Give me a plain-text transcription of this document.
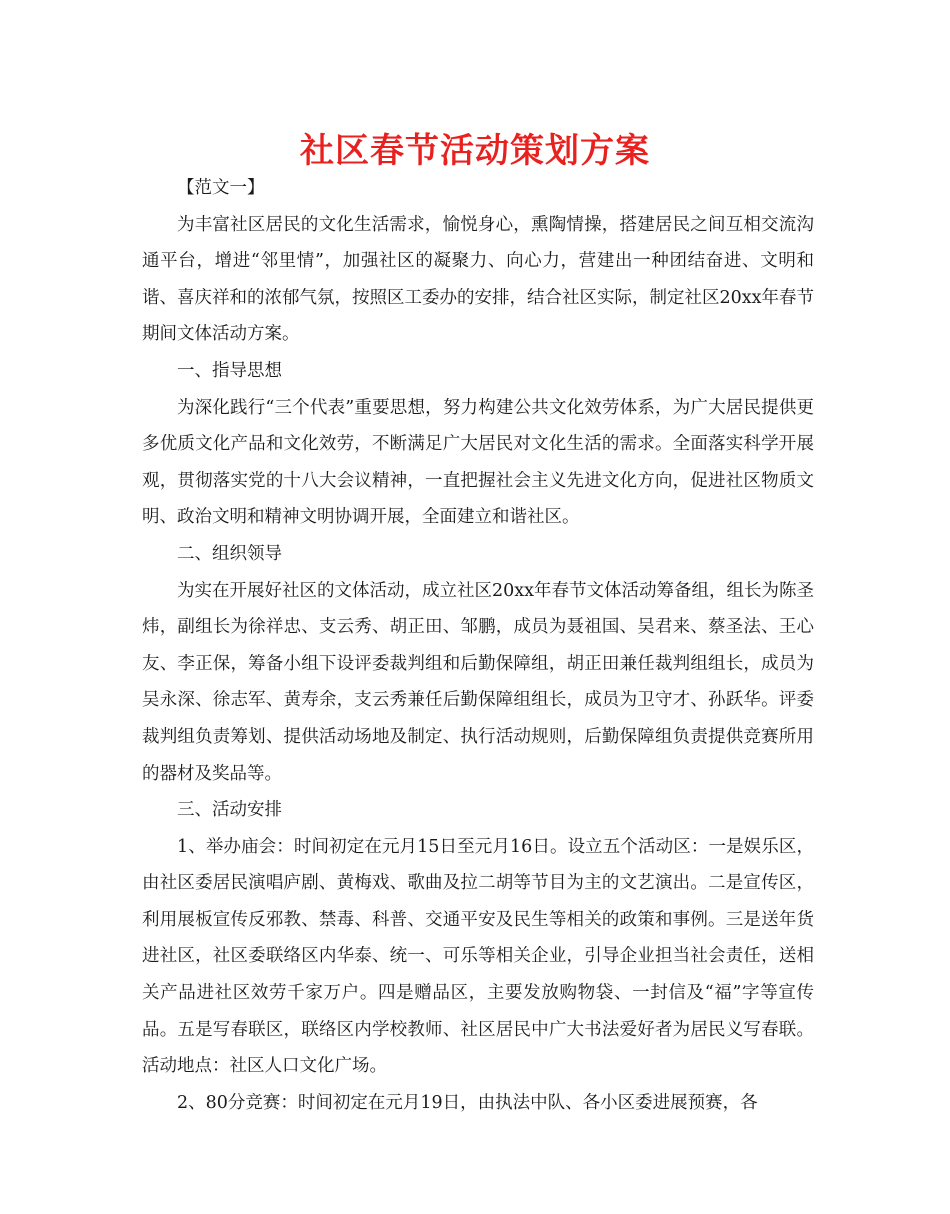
社区春节活动策划方案

【范文一】

为丰富社区居民的文化生活需求，愉悦身心，熏陶情操，搭建居民之间互相交流沟通平台，增进“邻里情”，加强社区的凝聚力、向心力，营建出一种团结奋进、文明和谐、喜庆祥和的浓郁气氛，按照区工委办的安排，结合社区实际，制定社区20xx年春节期间文体活动方案。

一、指导思想

为深化践行“三个代表”重要思想，努力构建公共文化效劳体系，为广大居民提供更多优质文化产品和文化效劳，不断满足广大居民对文化生活的需求。全面落实科学开展观，贯彻落实党的十八大会议精神，一直把握社会主义先进文化方向，促进社区物质文明、政治文明和精神文明协调开展，全面建立和谐社区。

二、组织领导

为实在开展好社区的文体活动，成立社区20xx年春节文体活动筹备组，组长为陈圣炜，副组长为徐祥忠、支云秀、胡正田、邹鹏，成员为聂祖国、吴君来、蔡圣法、王心友、李正保，筹备小组下设评委裁判组和后勤保障组，胡正田兼任裁判组组长，成员为吴永深、徐志军、黄寿余，支云秀兼任后勤保障组组长，成员为卫守才、孙跃华。评委裁判组负责筹划、提供活动场地及制定、执行活动规则，后勤保障组负责提供竞赛所用的器材及奖品等。

三、活动安排

1、举办庙会：时间初定在元月15日至元月16日。设立五个活动区：一是娱乐区，由社区委居民演唱庐剧、黄梅戏、歌曲及拉二胡等节目为主的文艺演出。二是宣传区，利用展板宣传反邪教、禁毒、科普、交通平安及民生等相关的政策和事例。三是送年货进社区，社区委联络区内华泰、统一、可乐等相关企业，引导企业担当社会责任，送相关产品进社区效劳千家万户。四是赠品区，主要发放购物袋、一封信及“福”字等宣传品。五是写春联区，联络区内学校教师、社区居民中广大书法爱好者为居民义写春联。活动地点：社区人口文化广场。

2、80分竞赛：时间初定在元月19日，由执法中队、各小区委进展预赛，各
